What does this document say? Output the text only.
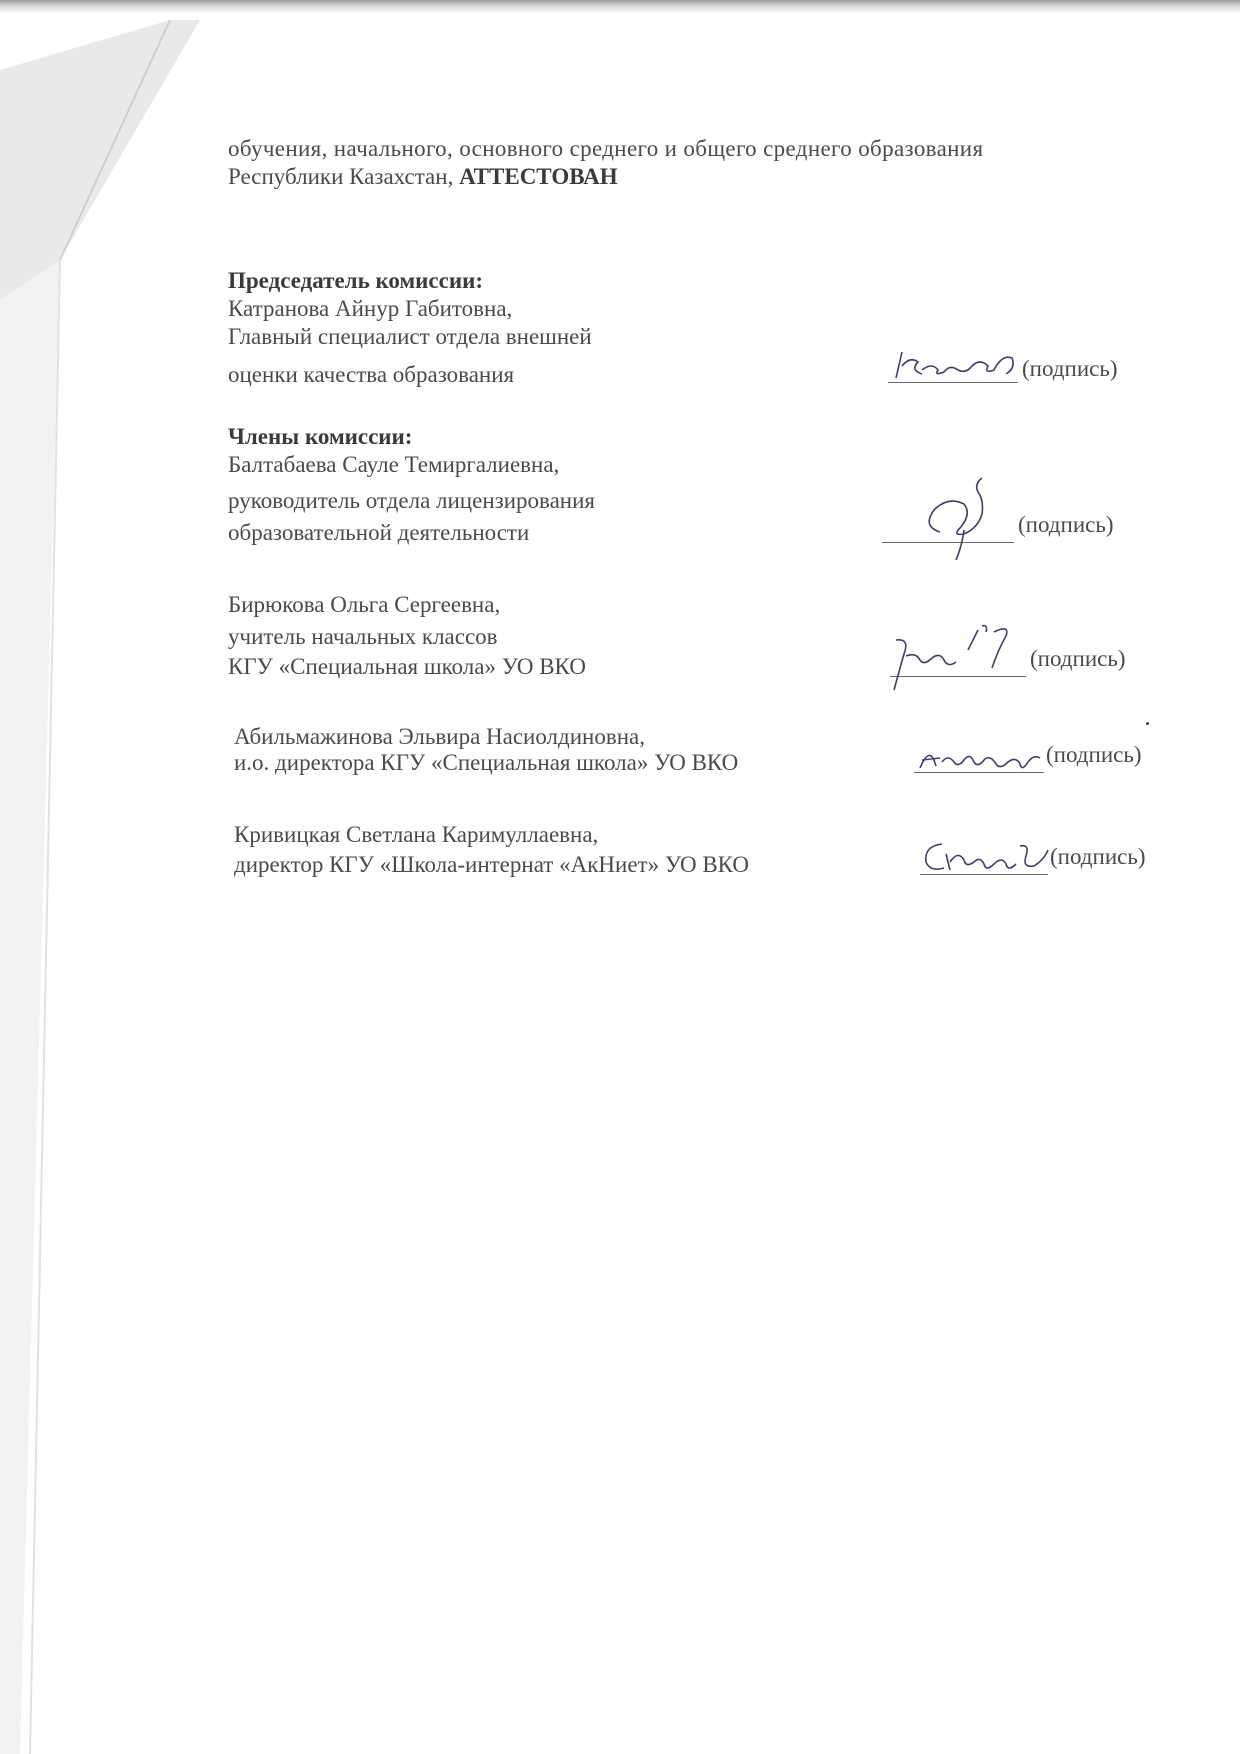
обучения, начального, основного среднего и общего среднего образования
Республики Казахстан, АТТЕСТОВАН
Председатель комиссии:
Катранова Айнур Габитовна,
Главный специалист отдела внешней
оценки качества образования	(подпись)
Члены комиссии:
Балтабаева Сауле Темиргалиевна,
руководитель отдела лицензирования
образовательной деятельности	(подпись)
Бирюкова Ольга Сергеевна,
учитель начальных классов
КГУ «Специальная школа» УО ВКО	(подпись)
Абильмажинова Эльвира Насиолдиновна,
и.о. директора КГУ «Специальная школа» УО ВКО	(подпись)
Кривицкая Светлана Каримуллаевна,
директор КГУ «Школа-интернат «АкНиет» УО ВКО	(подпись)
